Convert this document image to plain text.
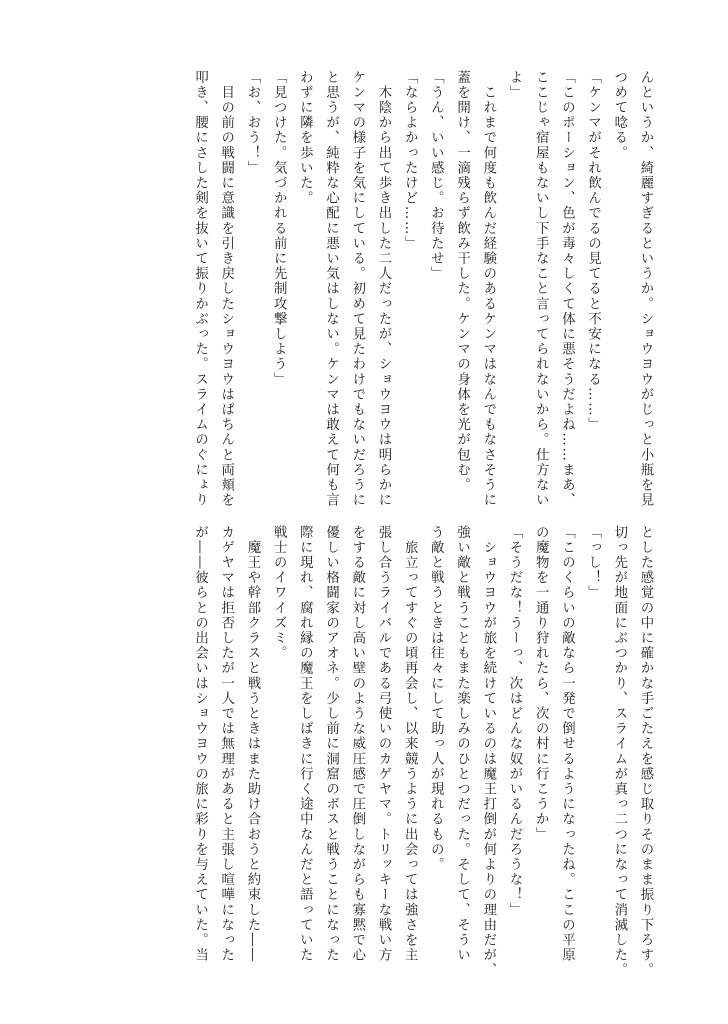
んというか、綺麗すぎるというか。ショウヨウがじっと小瓶を見
つめて唸る。
「ケンマがそれ飲んでるの見てると不安になる……」
「このポーション、色が毒々しくて体に悪そうだよね……まあ、
ここじゃ宿屋もないし下手なこと言ってられないから。仕方ない
よ」
　これまで何度も飲んだ経験のあるケンマはなんでもなさそうに
蓋を開け、一滴残らず飲み干した。ケンマの身体を光が包む。
「うん、いい感じ。お待たせ」
「ならよかったけど……」
　木陰から出て歩き出した二人だったが、ショウヨウは明らかに
ケンマの様子を気にしている。初めて見たわけでもないだろうに
と思うが、純粋な心配に悪い気はしない。ケンマは敢えて何も言
わずに隣を歩いた。
「見つけた。気づかれる前に先制攻撃しよう」
「お、おう！」
　目の前の戦闘に意識を引き戻したショウヨウはぱちんと両頬を
叩き、腰にさした剣を抜いて振りかぶった。スライムのぐにょり
とした感覚の中に確かな手ごたえを感じ取りそのまま振り下ろす。
切っ先が地面にぶつかり、スライムが真っ二つになって消滅した。
「っし！」
「このくらいの敵なら一発で倒せるようになったね。ここの平原
の魔物を一通り狩れたら、次の村に行こうか」
「そうだな！うーっ、次はどんな奴がいるんだろうな！」
　ショウヨウが旅を続けているのは魔王打倒が何よりの理由だが、
強い敵と戦うこともまた楽しみのひとつだった。そして、そうい
う敵と戦うときは往々にして助っ人が現れるもの。
　旅立ってすぐの頃再会し、以来競うように出会っては強さを主
張し合うライバルである弓使いのカゲヤマ。トリッキーな戦い方
をする敵に対し高い壁のような威圧感で圧倒しながらも寡黙で心
優しい格闘家のアオネ。少し前に洞窟のボスと戦うことになった
際に現れ、腐れ縁の魔王をしばきに行く途中なんだと語っていた
戦士のイワイズミ。
　魔王や幹部クラスと戦うときはまた助け合おうと約束した――
カゲヤマは拒否したが一人では無理があると主張し喧嘩になった
が――彼らとの出会いはショウヨウの旅に彩りを与えていた。当
